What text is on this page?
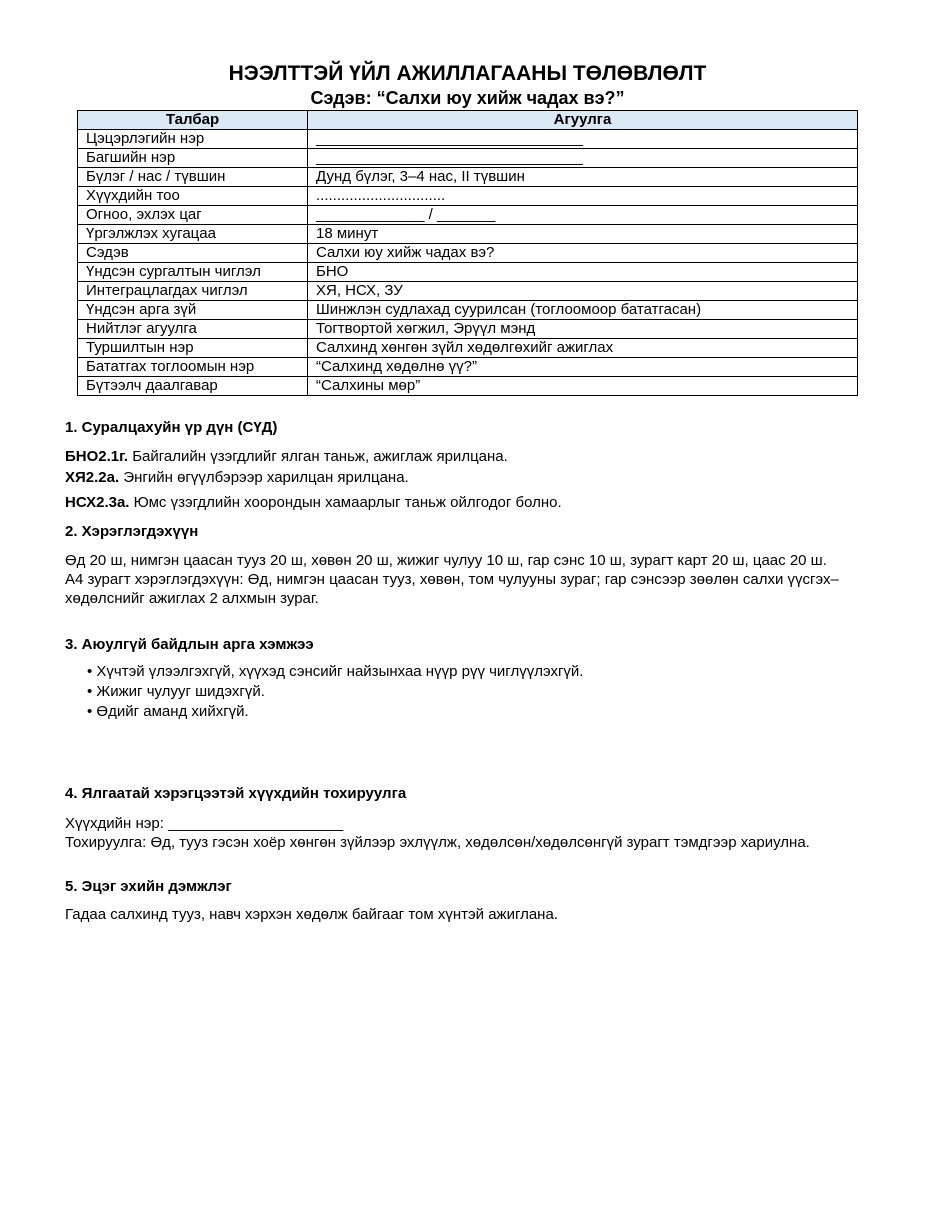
НЭЭЛТТЭЙ ҮЙЛ АЖИЛЛАГААНЫ ТӨЛӨВЛӨЛТ
Сэдэв: “Салхи юу хийж чадах вэ?”
Талбар	Агуулга
Цэцэрлэгийн нэр	________________________________
Багшийн нэр	________________________________
Бүлэг / нас / түвшин	Дунд бүлэг, 3–4 нас, II түвшин
Хүүхдийн тоо	...............................
Огноо, эхлэх цаг	_____________ / _______
Үргэлжлэх хугацаа	18 минут
Сэдэв	Салхи юу хийж чадах вэ?
Үндсэн сургалтын чиглэл	БНО
Интеграцлагдах чиглэл	ХЯ, НСХ, ЗУ
Үндсэн арга зүй	Шинжлэн судлахад суурилсан (тоглоомоор бататгасан)
Нийтлэг агуулга	Тогтвортой хөгжил, Эрүүл мэнд
Туршилтын нэр	Салхинд хөнгөн зүйл хөдөлгөхийг ажиглах
Бататгах тоглоомын нэр	“Салхинд хөдөлнө үү?”
Бүтээлч даалгавар	“Салхины мөр”
1. Суралцахуйн үр дүн (СҮД)

БНО2.1г. Байгалийн үзэгдлийг ялган таньж, ажиглаж ярилцана.

ХЯ2.2а. Энгийн өгүүлбэрээр харилцан ярилцана.

НСХ2.3а. Юмс үзэгдлийн хоорондын хамаарлыг таньж ойлгодог болно.

2. Хэрэглэгдэхүүн

Өд 20 ш, нимгэн цаасан тууз 20 ш, хөвөн 20 ш, жижиг чулуу 10 ш, гар сэнс 10 ш, зурагт карт 20 ш, цаас 20 ш.

А4 зурагт хэрэглэгдэхүүн: Өд, нимгэн цаасан тууз, хөвөн, том чулууны зураг; гар сэнсээр зөөлөн салхи үүсгэх–хөдөлснийг ажиглах 2 алхмын зураг.

3. Аюулгүй байдлын арга хэмжээ
• Хүчтэй үлээлгэхгүй, хүүхэд сэнсийг найзынхаа нүүр рүү чиглүүлэхгүй.
• Жижиг чулууг шидэхгүй.
• Өдийг аманд хийхгүй.
4. Ялгаатай хэрэгцээтэй хүүхдийн тохируулга

Хүүхдийн нэр: _____________________

Тохируулга: Өд, тууз гэсэн хоёр хөнгөн зүйлээр эхлүүлж, хөдөлсөн/хөдөлсөнгүй зурагт тэмдгээр хариулна.

5. Эцэг эхийн дэмжлэг

Гадаа салхинд тууз, навч хэрхэн хөдөлж байгааг том хүнтэй ажиглана.
